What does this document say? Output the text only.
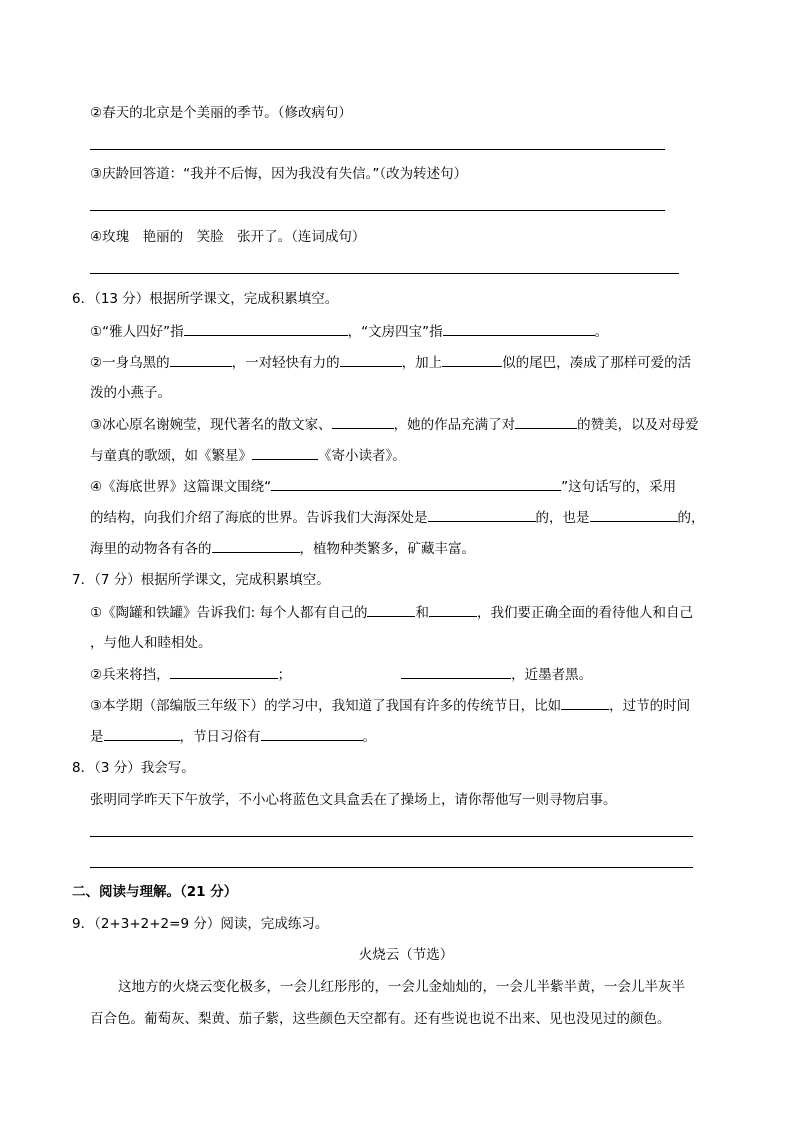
②春天的北京是个美丽的季节。（修改病句）
③庆龄回答道：“我并不后悔，因为我没有失信。”（改为转述句）
④玫瑰　艳丽的　笑脸　张开了。（连词成句）
6．（13 分）根据所学课文，完成积累填空。
①“雅人四好”指	，“文房四宝”指	。
②一身乌黑的	，一对轻快有力的	，加上	似的尾巴，凑成了那样可爱的活
泼的小燕子。
③冰心原名谢婉莹，现代著名的散文家、	，她的作品充满了对	的赞美，以及对母爱
与童真的歌颂，如《繁星》	《寄小读者》。
④《海底世界》这篇课文围绕“	”这句话写的，采用
的结构，向我们介绍了海底的世界。告诉我们大海深处是	的，也是	的，
海里的动物各有各的	，植物种类繁多，矿藏丰富。
7．（7 分）根据所学课文，完成积累填空。
①《陶罐和铁罐》告诉我们: 每个人都有自己的	和	，我们要正确全面的看待他人和自己
，与他人和睦相处。
②兵来将挡，	；	，近墨者黑。
③本学期（部编版三年级下）的学习中，我知道了我国有许多的传统节日，比如	，过节的时间
是	，节日习俗有	。
8．（3 分）我会写。
张明同学昨天下午放学，不小心将蓝色文具盒丢在了操场上，请你帮他写一则寻物启事。
二、阅读与理解。（21 分）
9．（2+3+2+2=9 分）阅读，完成练习。
火烧云（节选）
这地方的火烧云变化极多，一会儿红彤彤的，一会儿金灿灿的，一会儿半紫半黄，一会儿半灰半
百合色。葡萄灰、梨黄、茄子紫，这些颜色天空都有。还有些说也说不出来、见也没见过的颜色。
